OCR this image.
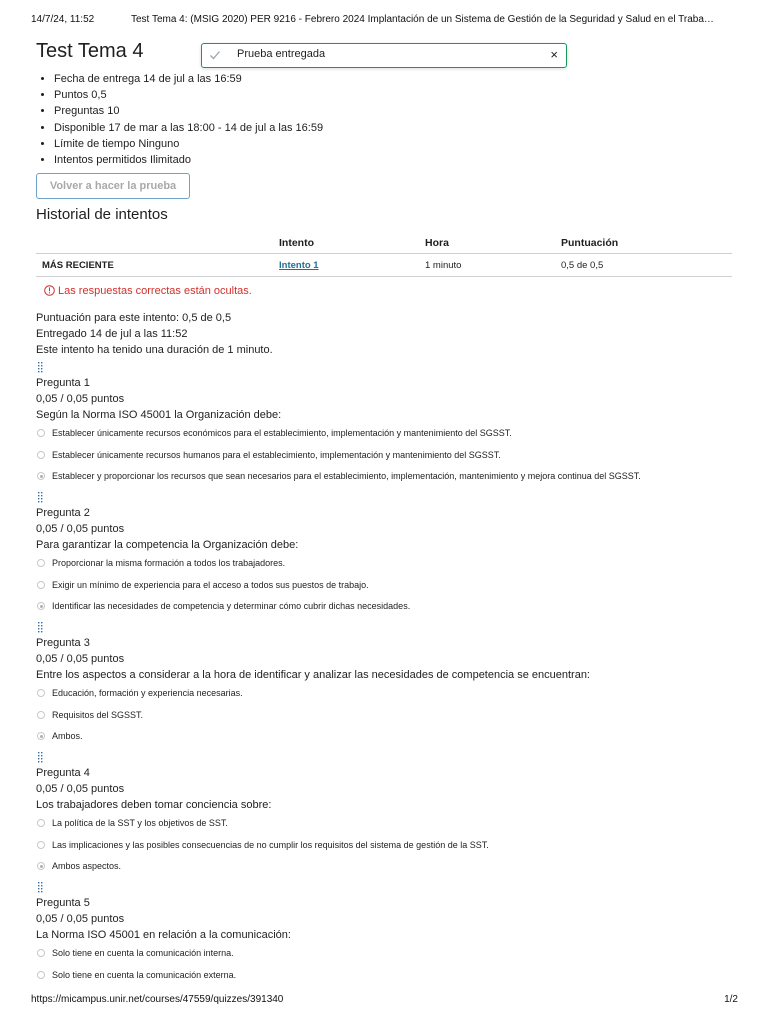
14/7/24, 11:52	Test Tema 4: (MSIG 2020) PER 9216 - Febrero 2024 Implantación de un Sistema de Gestión de la Seguridad y Salud en el Traba…
Test Tema 4	Prueba entregada	×
• Fecha de entrega 14 de jul a las 16:59
• Puntos 0,5
• Preguntas 10
• Disponible 17 de mar a las 18:00 - 14 de jul a las 16:59
• Límite de tiempo Ninguno
• Intentos permitidos Ilimitado
Volver a hacer la prueba
Historial de intentos
	Intento	Hora	Puntuación
MÁS RECIENTE	Intento 1	1 minuto	0,5 de 0,5
Las respuestas correctas están ocultas.
Puntuación para este intento: 0,5 de 0,5
Entregado 14 de jul a las 11:52
Este intento ha tenido una duración de 1 minuto.
Pregunta 1
0,05 / 0,05 puntos
Según la Norma ISO 45001 la Organización debe:
Establecer únicamente recursos económicos para el establecimiento, implementación y mantenimiento del SGSST.
Establecer únicamente recursos humanos para el establecimiento, implementación y mantenimiento del SGSST.
Establecer y proporcionar los recursos que sean necesarios para el establecimiento, implementación, mantenimiento y mejora continua del SGSST.
Pregunta 2
0,05 / 0,05 puntos
Para garantizar la competencia la Organización debe:
Proporcionar la misma formación a todos los trabajadores.
Exigir un mínimo de experiencia para el acceso a todos sus puestos de trabajo.
Identificar las necesidades de competencia y determinar cómo cubrir dichas necesidades.
Pregunta 3
0,05 / 0,05 puntos
Entre los aspectos a considerar a la hora de identificar y analizar las necesidades de competencia se encuentran:
Educación, formación y experiencia necesarias.
Requisitos del SGSST.
Ambos.
Pregunta 4
0,05 / 0,05 puntos
Los trabajadores deben tomar conciencia sobre:
La política de la SST y los objetivos de SST.
Las implicaciones y las posibles consecuencias de no cumplir los requisitos del sistema de gestión de la SST.
Ambos aspectos.
Pregunta 5
0,05 / 0,05 puntos
La Norma ISO 45001 en relación a la comunicación:
Solo tiene en cuenta la comunicación interna.
Solo tiene en cuenta la comunicación externa.
https://micampus.unir.net/courses/47559/quizzes/391340	1/2
